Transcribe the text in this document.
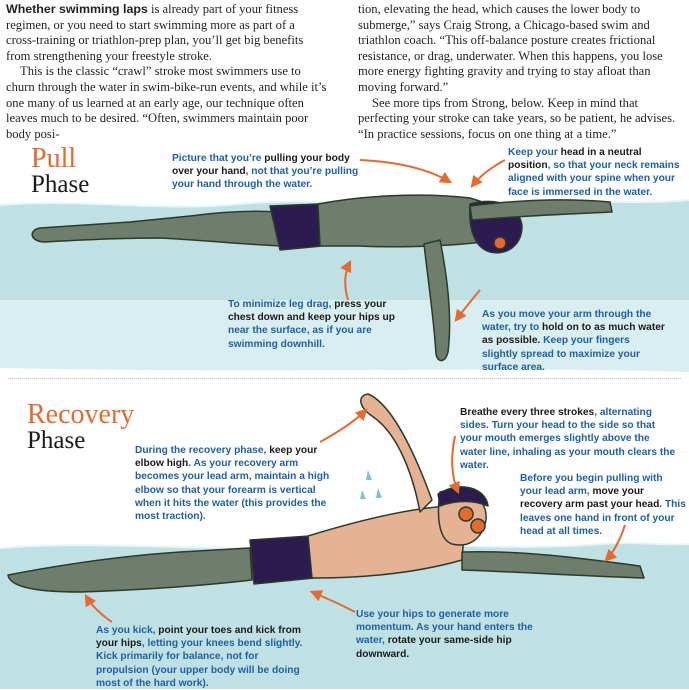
Whether swimming laps is already part of your fitness regimen, or you need to start swimming more as part of a cross-training or triathlon-prep plan, you’ll get big benefits from strengthening your freestyle stroke.

This is the classic “crawl” stroke most swimmers use to churn through the water in swim-bike-run events, and while it’s one many of us learned at an early age, our technique often leaves much to be desired. “Often, swimmers maintain poor body posi-

tion, elevating the head, which causes the lower body to submerge,” says Craig Strong, a Chicago-based swim and triathlon coach. “This off-balance posture creates frictional resistance, or drag, underwater. When this happens, you lose more energy fighting gravity and trying to stay afloat than moving forward.”

See more tips from Strong, below. Keep in mind that perfecting your stroke can take years, so be patient, he advises. “In practice sessions, focus on one thing at a time.”

Pull
Phase
Picture that you’re pulling your body over your hand, not that you’re pulling your hand through the water.
Keep your head in a neutral position, so that your neck remains aligned with your spine when your face is immersed in the water.
To minimize leg drag, press your chest down and keep your hips up near the surface, as if you are swimming downhill.
As you move your arm through the water, try to hold on to as much water as possible. Keep your fingers slightly spread to maximize your surface area.
Recovery
Phase	During the recovery phase, keep your elbow high. As your recovery arm becomes your lead arm, maintain a high elbow so that your forearm is vertical when it hits the water (this provides the most traction).
Breathe every three strokes, alternating sides. Turn your head to the side so that your mouth emerges slightly above the water line, inhaling as your mouth clears the water.
Before you begin pulling with your lead arm, move your recovery arm past your head. This leaves one hand in front of your head at all times.
Use your hips to generate more momentum. As your hand enters the water, rotate your same-side hip downward.
As you kick, point your toes and kick from your hips, letting your knees bend slightly. Kick primarily for balance, not for propulsion (your upper body will be doing most of the hard work).
